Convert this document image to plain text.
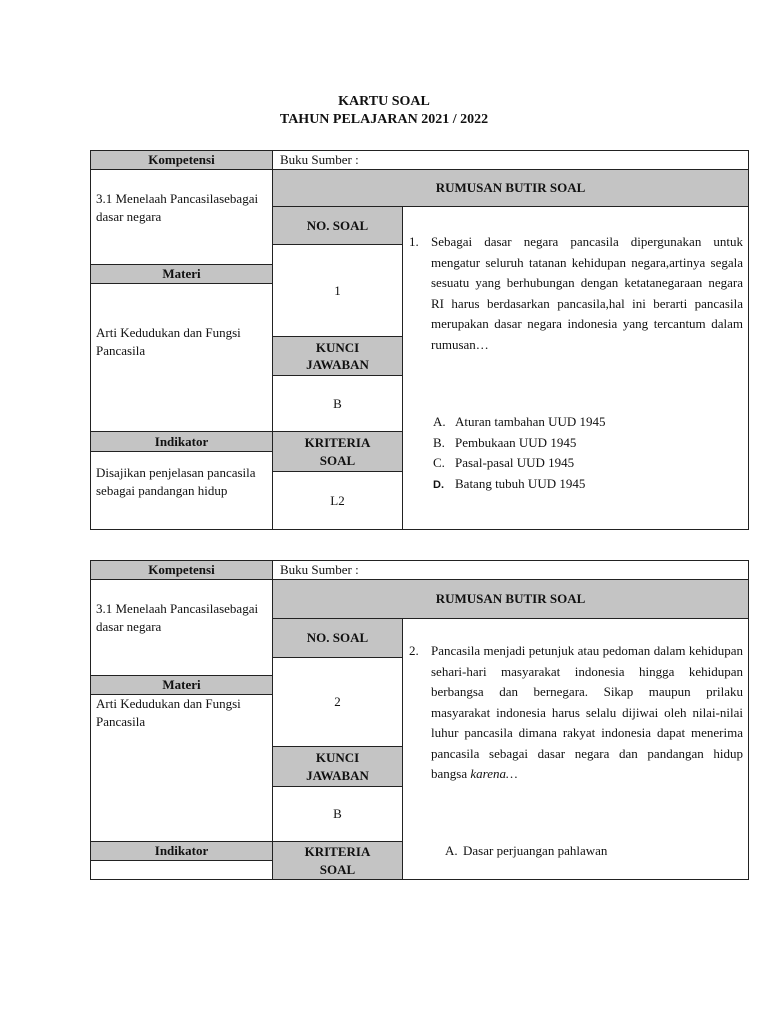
KARTU SOAL
TAHUN PELAJARAN 2021 / 2022
Kompetensi
3.1 Menelaah Pancasilasebagai dasar negara
Materi
Arti Kedudukan dan Fungsi Pancasila
Indikator
Disajikan penjelasan pancasila sebagai pandangan hidup
Buku Sumber :
RUMUSAN BUTIR SOAL
NO. SOAL
1
KUNCI
JAWABAN
B
KRITERIA
SOAL
L2
1. Sebagai dasar negara pancasila dipergunakan untuk mengatur seluruh tatanan kehidupan negara,artinya segala sesuatu yang berhubungan dengan ketatanegaraan negara RI harus berdasarkan pancasila,hal ini berarti pancasila merupakan dasar negara indonesia yang tercantum dalam rumusan…
A. Aturan tambahan UUD 1945
B. Pembukaan UUD 1945
C. Pasal-pasal UUD 1945
D. Batang tubuh UUD 1945
Kompetensi
3.1 Menelaah Pancasilasebagai dasar negara
Materi
Arti Kedudukan dan Fungsi Pancasila
Indikator
Buku Sumber :
RUMUSAN BUTIR SOAL
NO. SOAL
2
KUNCI
JAWABAN
B
KRITERIA
SOAL
2. Pancasila menjadi petunjuk atau pedoman dalam kehidupan sehari-hari masyarakat indonesia hingga kehidupan berbangsa dan bernegara. Sikap maupun prilaku masyarakat indonesia harus selalu dijiwai oleh nilai-nilai luhur pancasila dimana rakyat indonesia dapat menerima pancasila sebagai dasar negara dan pandangan hidup bangsa karena…
A. Dasar perjuangan pahlawan
